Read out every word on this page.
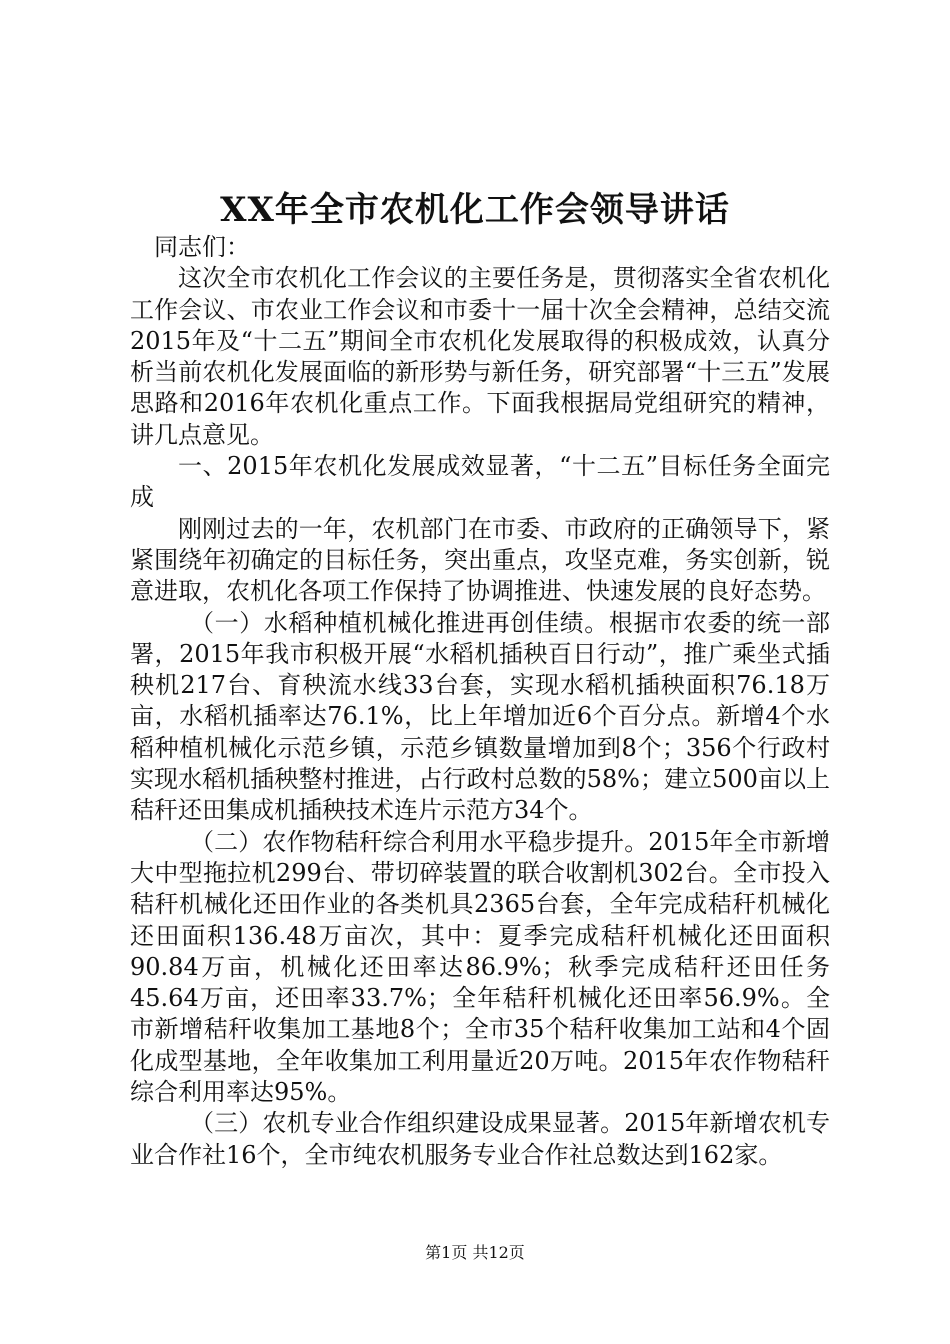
XX年全市农机化工作会领导讲话

同志们：

这次全市农机化工作会议的主要任务是，贯彻落实全省农机化工作会议、市农业工作会议和市委十一届十次全会精神，总结交流2015年及“十二五”期间全市农机化发展取得的积极成效，认真分析当前农机化发展面临的新形势与新任务，研究部署“十三五”发展思路和2016年农机化重点工作。下面我根据局党组研究的精神，讲几点意见。

一、2015年农机化发展成效显著，“十二五”目标任务全面完成

刚刚过去的一年，农机部门在市委、市政府的正确领导下，紧紧围绕年初确定的目标任务，突出重点，攻坚克难，务实创新，锐意进取，农机化各项工作保持了协调推进、快速发展的良好态势。

（一）水稻种植机械化推进再创佳绩。根据市农委的统一部署，2015年我市积极开展“水稻机插秧百日行动”，推广乘坐式插秧机217台、育秧流水线33台套，实现水稻机插秧面积76.18万亩，水稻机插率达76.1%，比上年增加近6个百分点。新增4个水稻种植机械化示范乡镇，示范乡镇数量增加到8个；356个行政村实现水稻机插秧整村推进，占行政村总数的58%；建立500亩以上秸秆还田集成机插秧技术连片示范方34个。

（二）农作物秸秆综合利用水平稳步提升。2015年全市新增大中型拖拉机299台、带切碎装置的联合收割机302台。全市投入秸秆机械化还田作业的各类机具2365台套，全年完成秸秆机械化还田面积136.48万亩次，其中：夏季完成秸秆机械化还田面积90.84万亩，机械化还田率达86.9%；秋季完成秸秆还田任务45.64万亩，还田率33.7%；全年秸秆机械化还田率56.9%。全市新增秸秆收集加工基地8个；全市35个秸秆收集加工站和4个固化成型基地，全年收集加工利用量近20万吨。2015年农作物秸秆综合利用率达95%。

（三）农机专业合作组织建设成果显著。2015年新增农机专业合作社16个，全市纯农机服务专业合作社总数达到162家。

第1页 共12页
